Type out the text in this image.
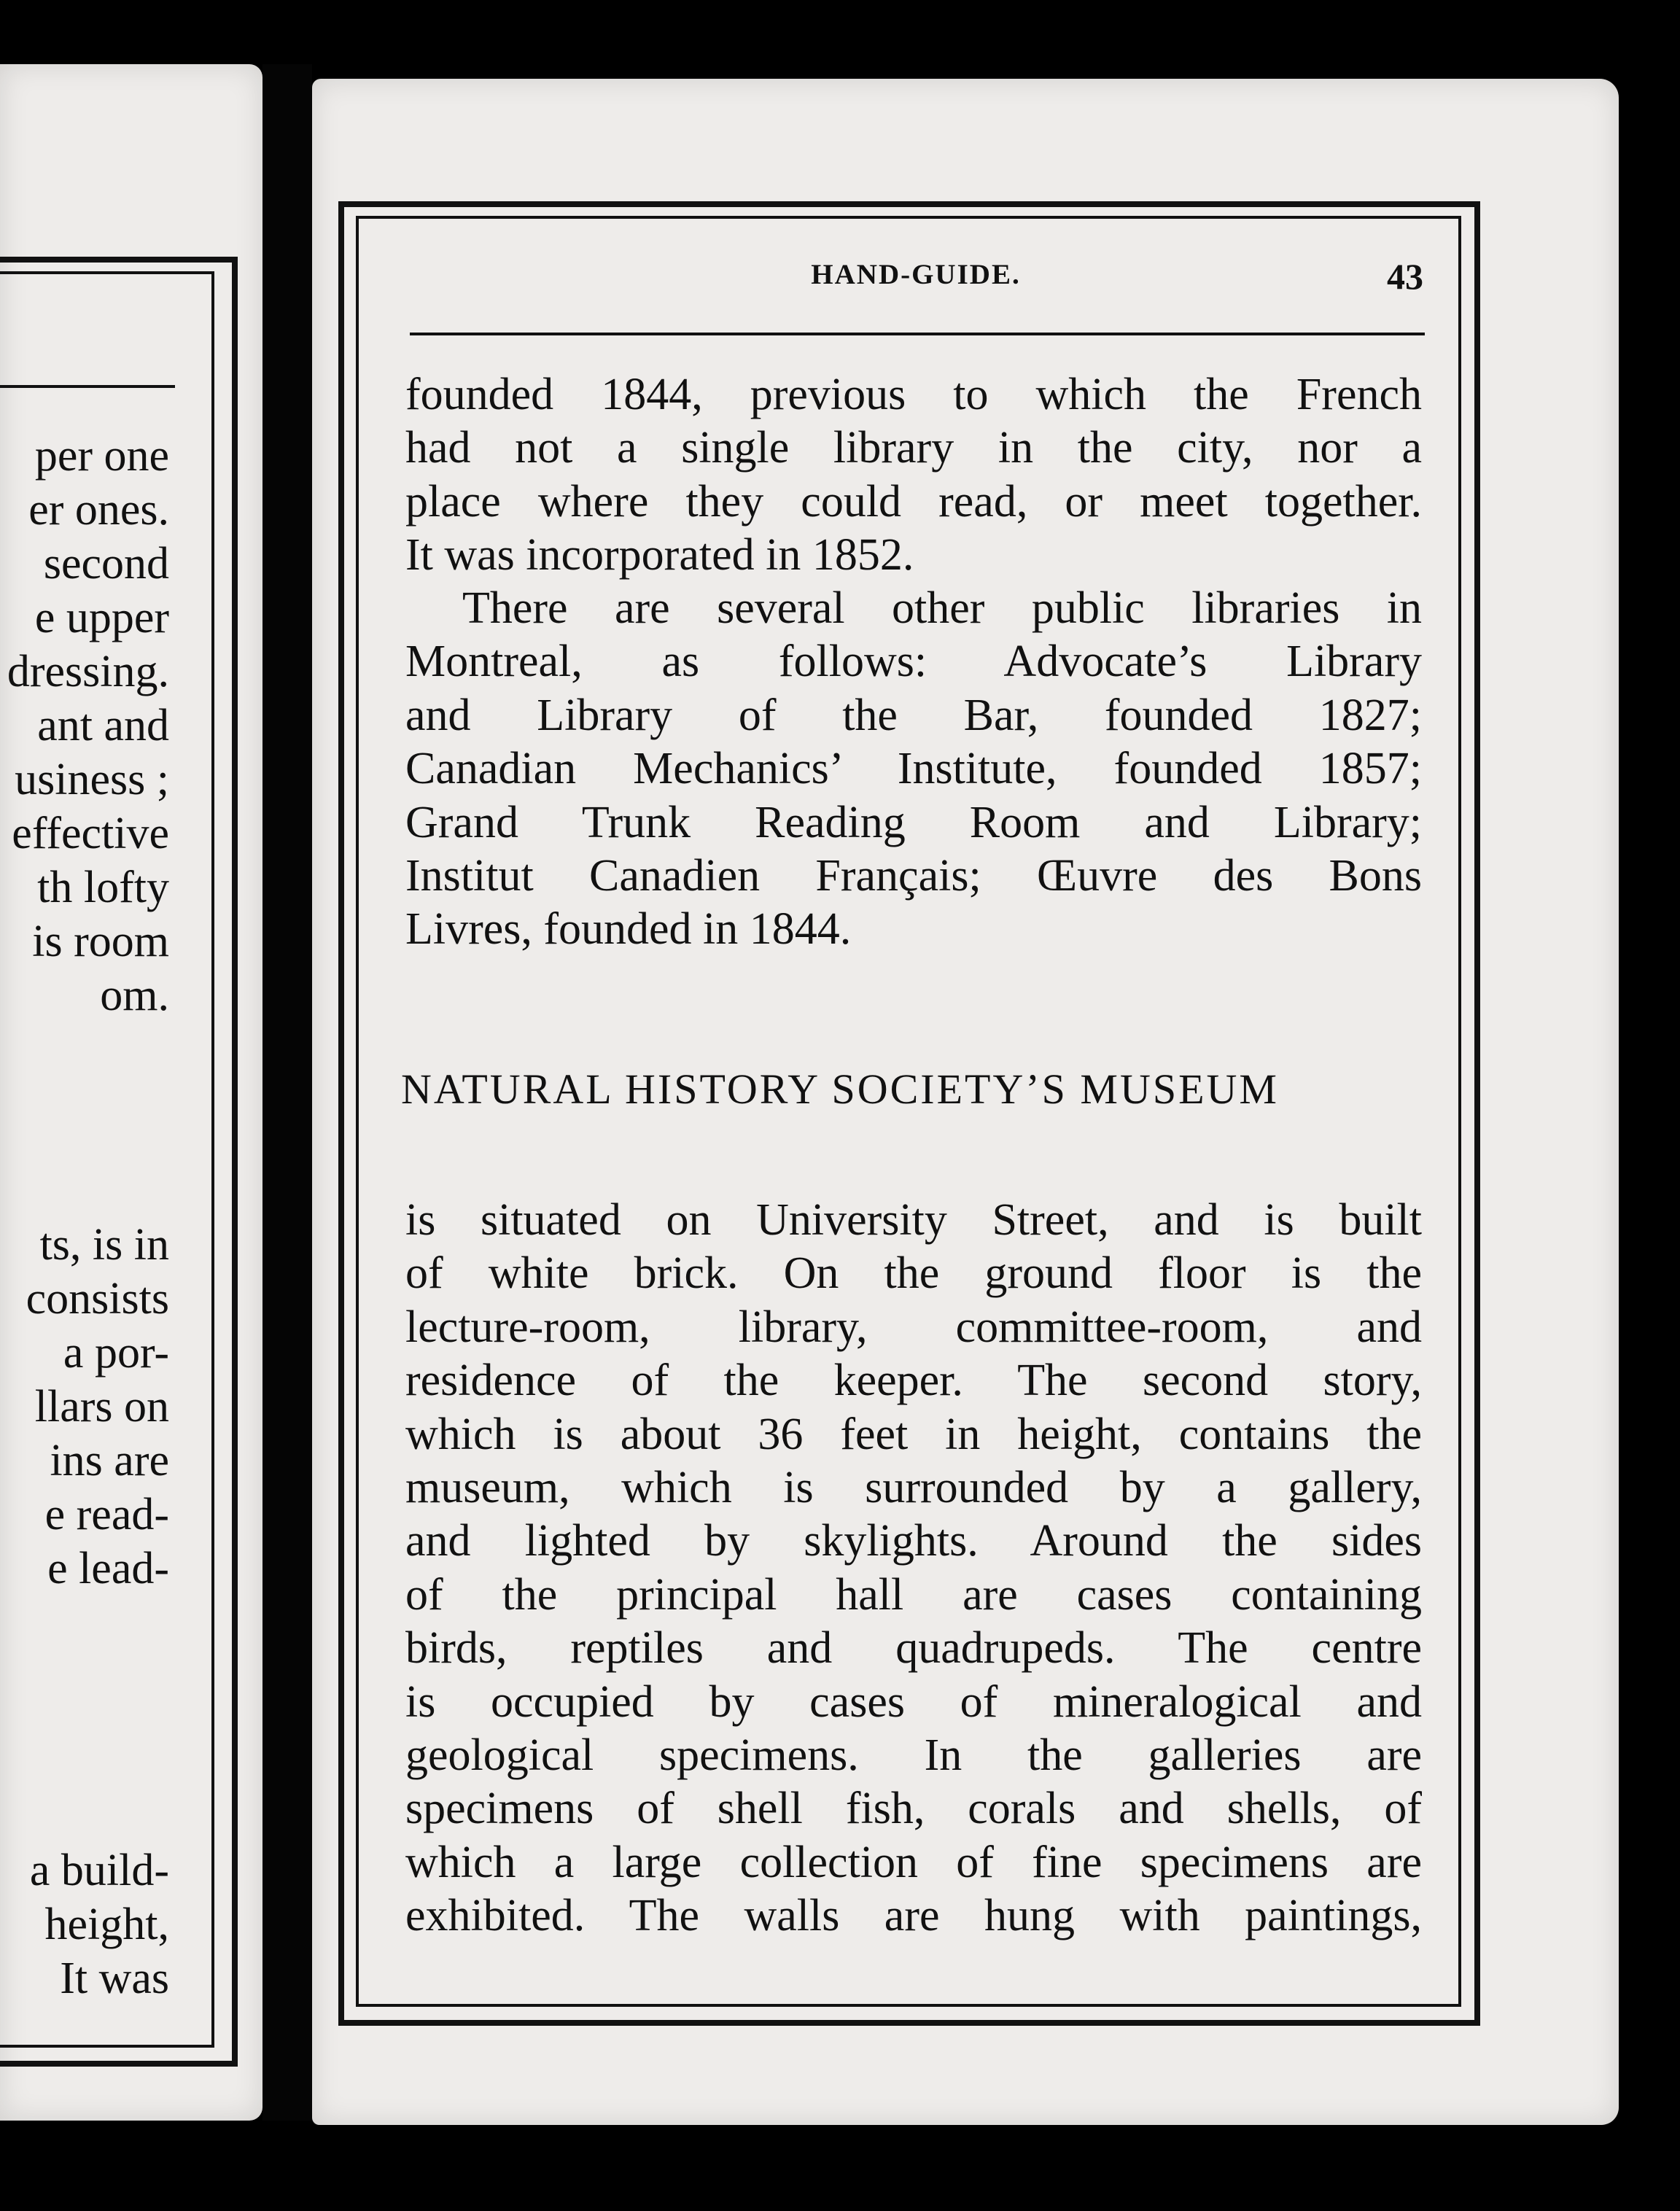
per one
er ones.
second
e upper
dressing.
ant and
usiness ;
effective
th lofty
is room
om.
ts, is in
consists
a por-
llars on
ins are
e read-
e lead-
a build-
height,
It was
HAND-GUIDE.	43
founded 1844, previous to which the French
had not a single library in the city, nor a
place where they could read, or meet together.
It was incorporated in 1852.
There are several other public libraries in
Montreal, as follows: Advocate’s Library
and Library of the Bar, founded 1827;
Canadian Mechanics’ Institute, founded 1857;
Grand Trunk Reading Room and Library;
Institut Canadien Français; Œuvre des Bons
Livres, founded in 1844.
NATURAL HISTORY SOCIETY’S MUSEUM
is situated on University Street, and is built
of white brick. On the ground floor is the
lecture-room, library, committee-room, and
residence of the keeper. The second story,
which is about 36 feet in height, contains the
museum, which is surrounded by a gallery,
and lighted by skylights. Around the sides
of the principal hall are cases containing
birds, reptiles and quadrupeds. The centre
is occupied by cases of mineralogical and
geological specimens. In the galleries are
specimens of shell fish, corals and shells, of
which a large collection of fine specimens are
exhibited. The walls are hung with paintings,
